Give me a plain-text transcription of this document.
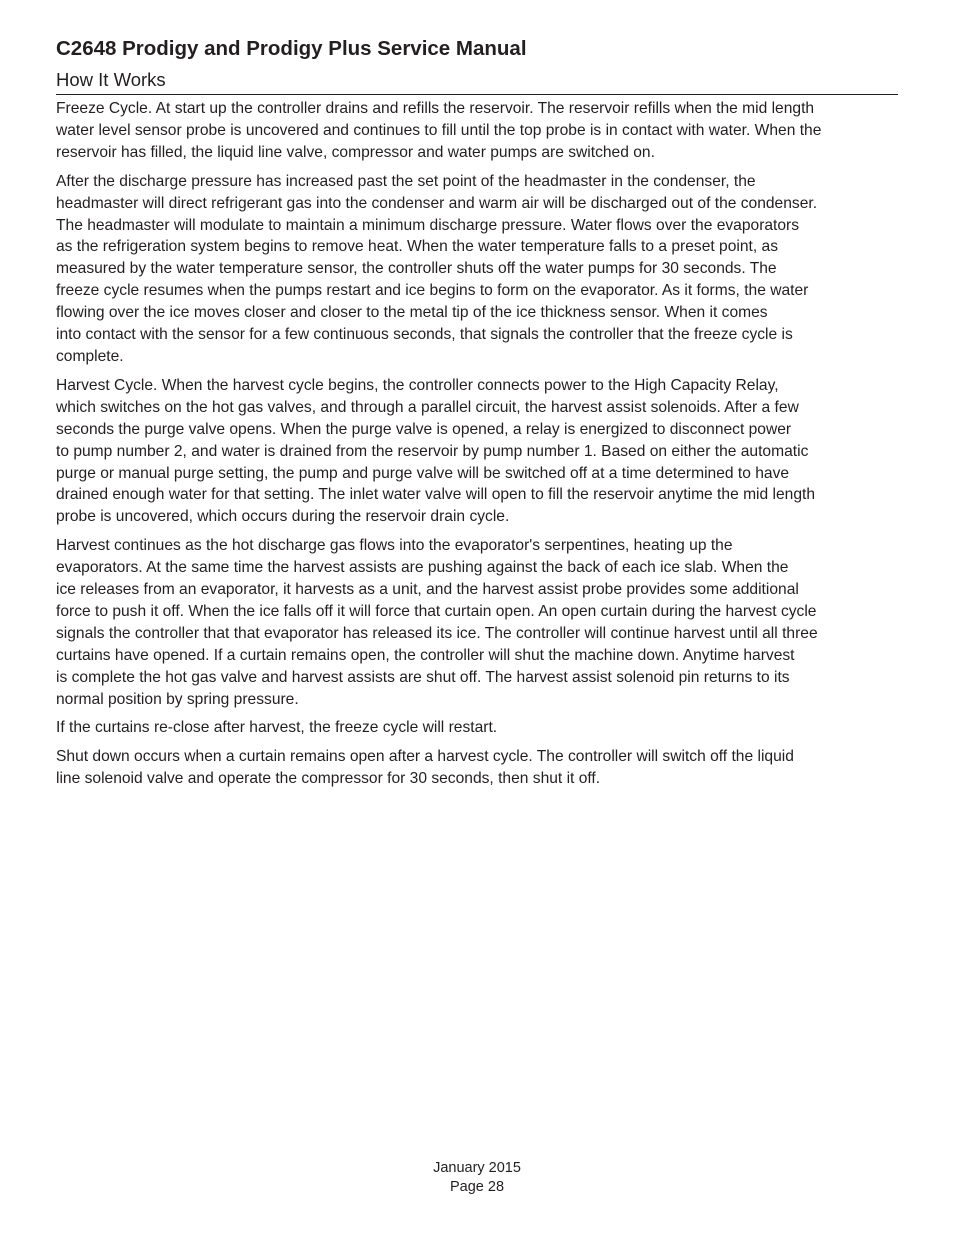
C2648 Prodigy and Prodigy Plus Service Manual
How It Works

Freeze Cycle. At start up the controller drains and refills the reservoir. The reservoir refills when the mid length
water level sensor probe is uncovered and continues to fill until the top probe is in contact with water. When the
reservoir has filled, the liquid line valve, compressor and water pumps are switched on.

After the discharge pressure has increased past the set point of the headmaster in the condenser, the
headmaster will direct refrigerant gas into the condenser and warm air will be discharged out of the condenser.
The headmaster will modulate to maintain a minimum discharge pressure. Water flows over the evaporators
as the refrigeration system begins to remove heat. When the water temperature falls to a preset point, as
measured by the water temperature sensor, the controller shuts off the water pumps for 30 seconds. The
freeze cycle resumes when the pumps restart and ice begins to form on the evaporator. As it forms, the water
flowing over the ice moves closer and closer to the metal tip of the ice thickness sensor. When it comes
into contact with the sensor for a few continuous seconds, that signals the controller that the freeze cycle is
complete.

Harvest Cycle. When the harvest cycle begins, the controller connects power to the High Capacity Relay,
which switches on the hot gas valves, and through a parallel circuit, the harvest assist solenoids. After a few
seconds the purge valve opens. When the purge valve is opened, a relay is energized to disconnect power
to pump number 2, and water is drained from the reservoir by pump number 1. Based on either the automatic
purge or manual purge setting, the pump and purge valve will be switched off at a time determined to have
drained enough water for that setting. The inlet water valve will open to fill the reservoir anytime the mid length
probe is uncovered, which occurs during the reservoir drain cycle.

Harvest continues as the hot discharge gas flows into the evaporator's serpentines, heating up the
evaporators. At the same time the harvest assists are pushing against the back of each ice slab. When the
ice releases from an evaporator, it harvests as a unit, and the harvest assist probe provides some additional
force to push it off. When the ice falls off it will force that curtain open. An open curtain during the harvest cycle
signals the controller that that evaporator has released its ice. The controller will continue harvest until all three
curtains have opened. If a curtain remains open, the controller will shut the machine down. Anytime harvest
is complete the hot gas valve and harvest assists are shut off. The harvest assist solenoid pin returns to its
normal position by spring pressure.

If the curtains re-close after harvest, the freeze cycle will restart.

Shut down occurs when a curtain remains open after a harvest cycle. The controller will switch off the liquid
line solenoid valve and operate the compressor for 30 seconds, then shut it off.

January 2015
Page 28
